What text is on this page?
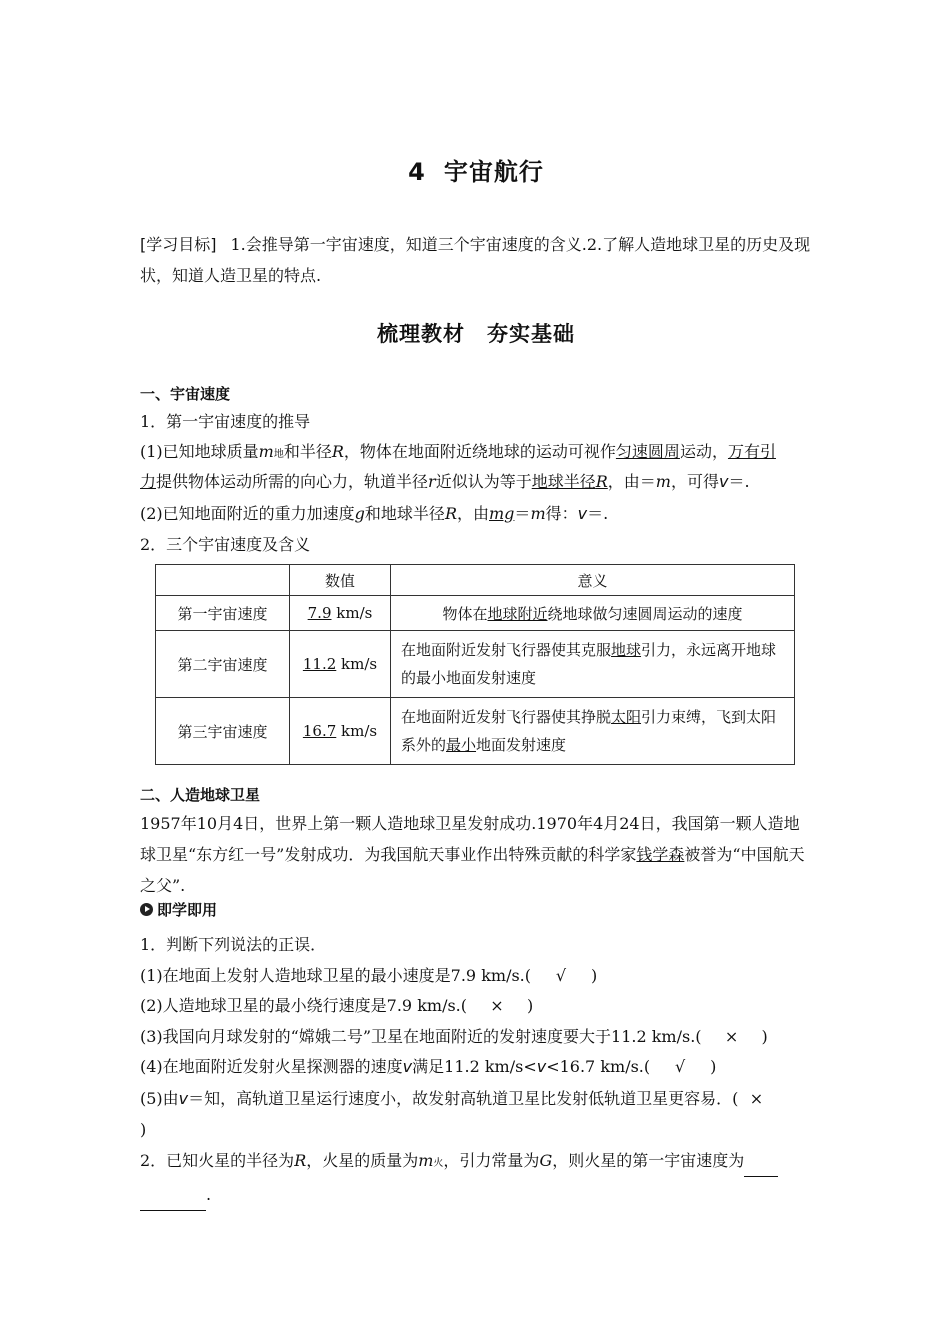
4 宇宙航行
[学习目标] 1.会推导第一宇宙速度，知道三个宇宙速度的含义.2.了解人造地球卫星的历史及现状，知道人造卫星的特点.
梳理教材　夯实基础
一、宇宙速度
1．第一宇宙速度的推导
(1)已知地球质量m地和半径R，物体在地面附近绕地球的运动可视作匀速圆周运动，万有引
力提供物体运动所需的向心力，轨道半径r近似认为等于地球半径R，由＝m，可得v＝.
(2)已知地面附近的重力加速度g和地球半径R，由mg＝m得：v＝.
2．三个宇宙速度及含义
	数值	意义
第一宇宙速度	7.9 km/s	物体在地球附近绕地球做匀速圆周运动的速度
第二宇宙速度	11.2 km/s	在地面附近发射飞行器使其克服地球引力，永远离开地球的最小地面发射速度
第三宇宙速度	16.7 km/s	在地面附近发射飞行器使其挣脱太阳引力束缚，飞到太阳系外的最小地面发射速度
二、人造地球卫星
1957年10月4日，世界上第一颗人造地球卫星发射成功.1970年4月24日，我国第一颗人造地球卫星“东方红一号”发射成功．为我国航天事业作出特殊贡献的科学家钱学森被誉为“中国航天之父”.
即学即用
1．判断下列说法的正误．
(1)在地面上发射人造地球卫星的最小速度是7.9 km/s.( √ )
(2)人造地球卫星的最小绕行速度是7.9 km/s.( × )
(3)我国向月球发射的“嫦娥二号”卫星在地面附近的发射速度要大于11.2 km/s.( × )
(4)在地面附近发射火星探测器的速度v满足11.2 km/s<v<16.7 km/s.( √ )
(5)由v＝知，高轨道卫星运行速度小，故发射高轨道卫星比发射低轨道卫星更容易．( ×
)
2．已知火星的半径为R，火星的质量为m火，引力常量为G，则火星的第一宇宙速度为
.
